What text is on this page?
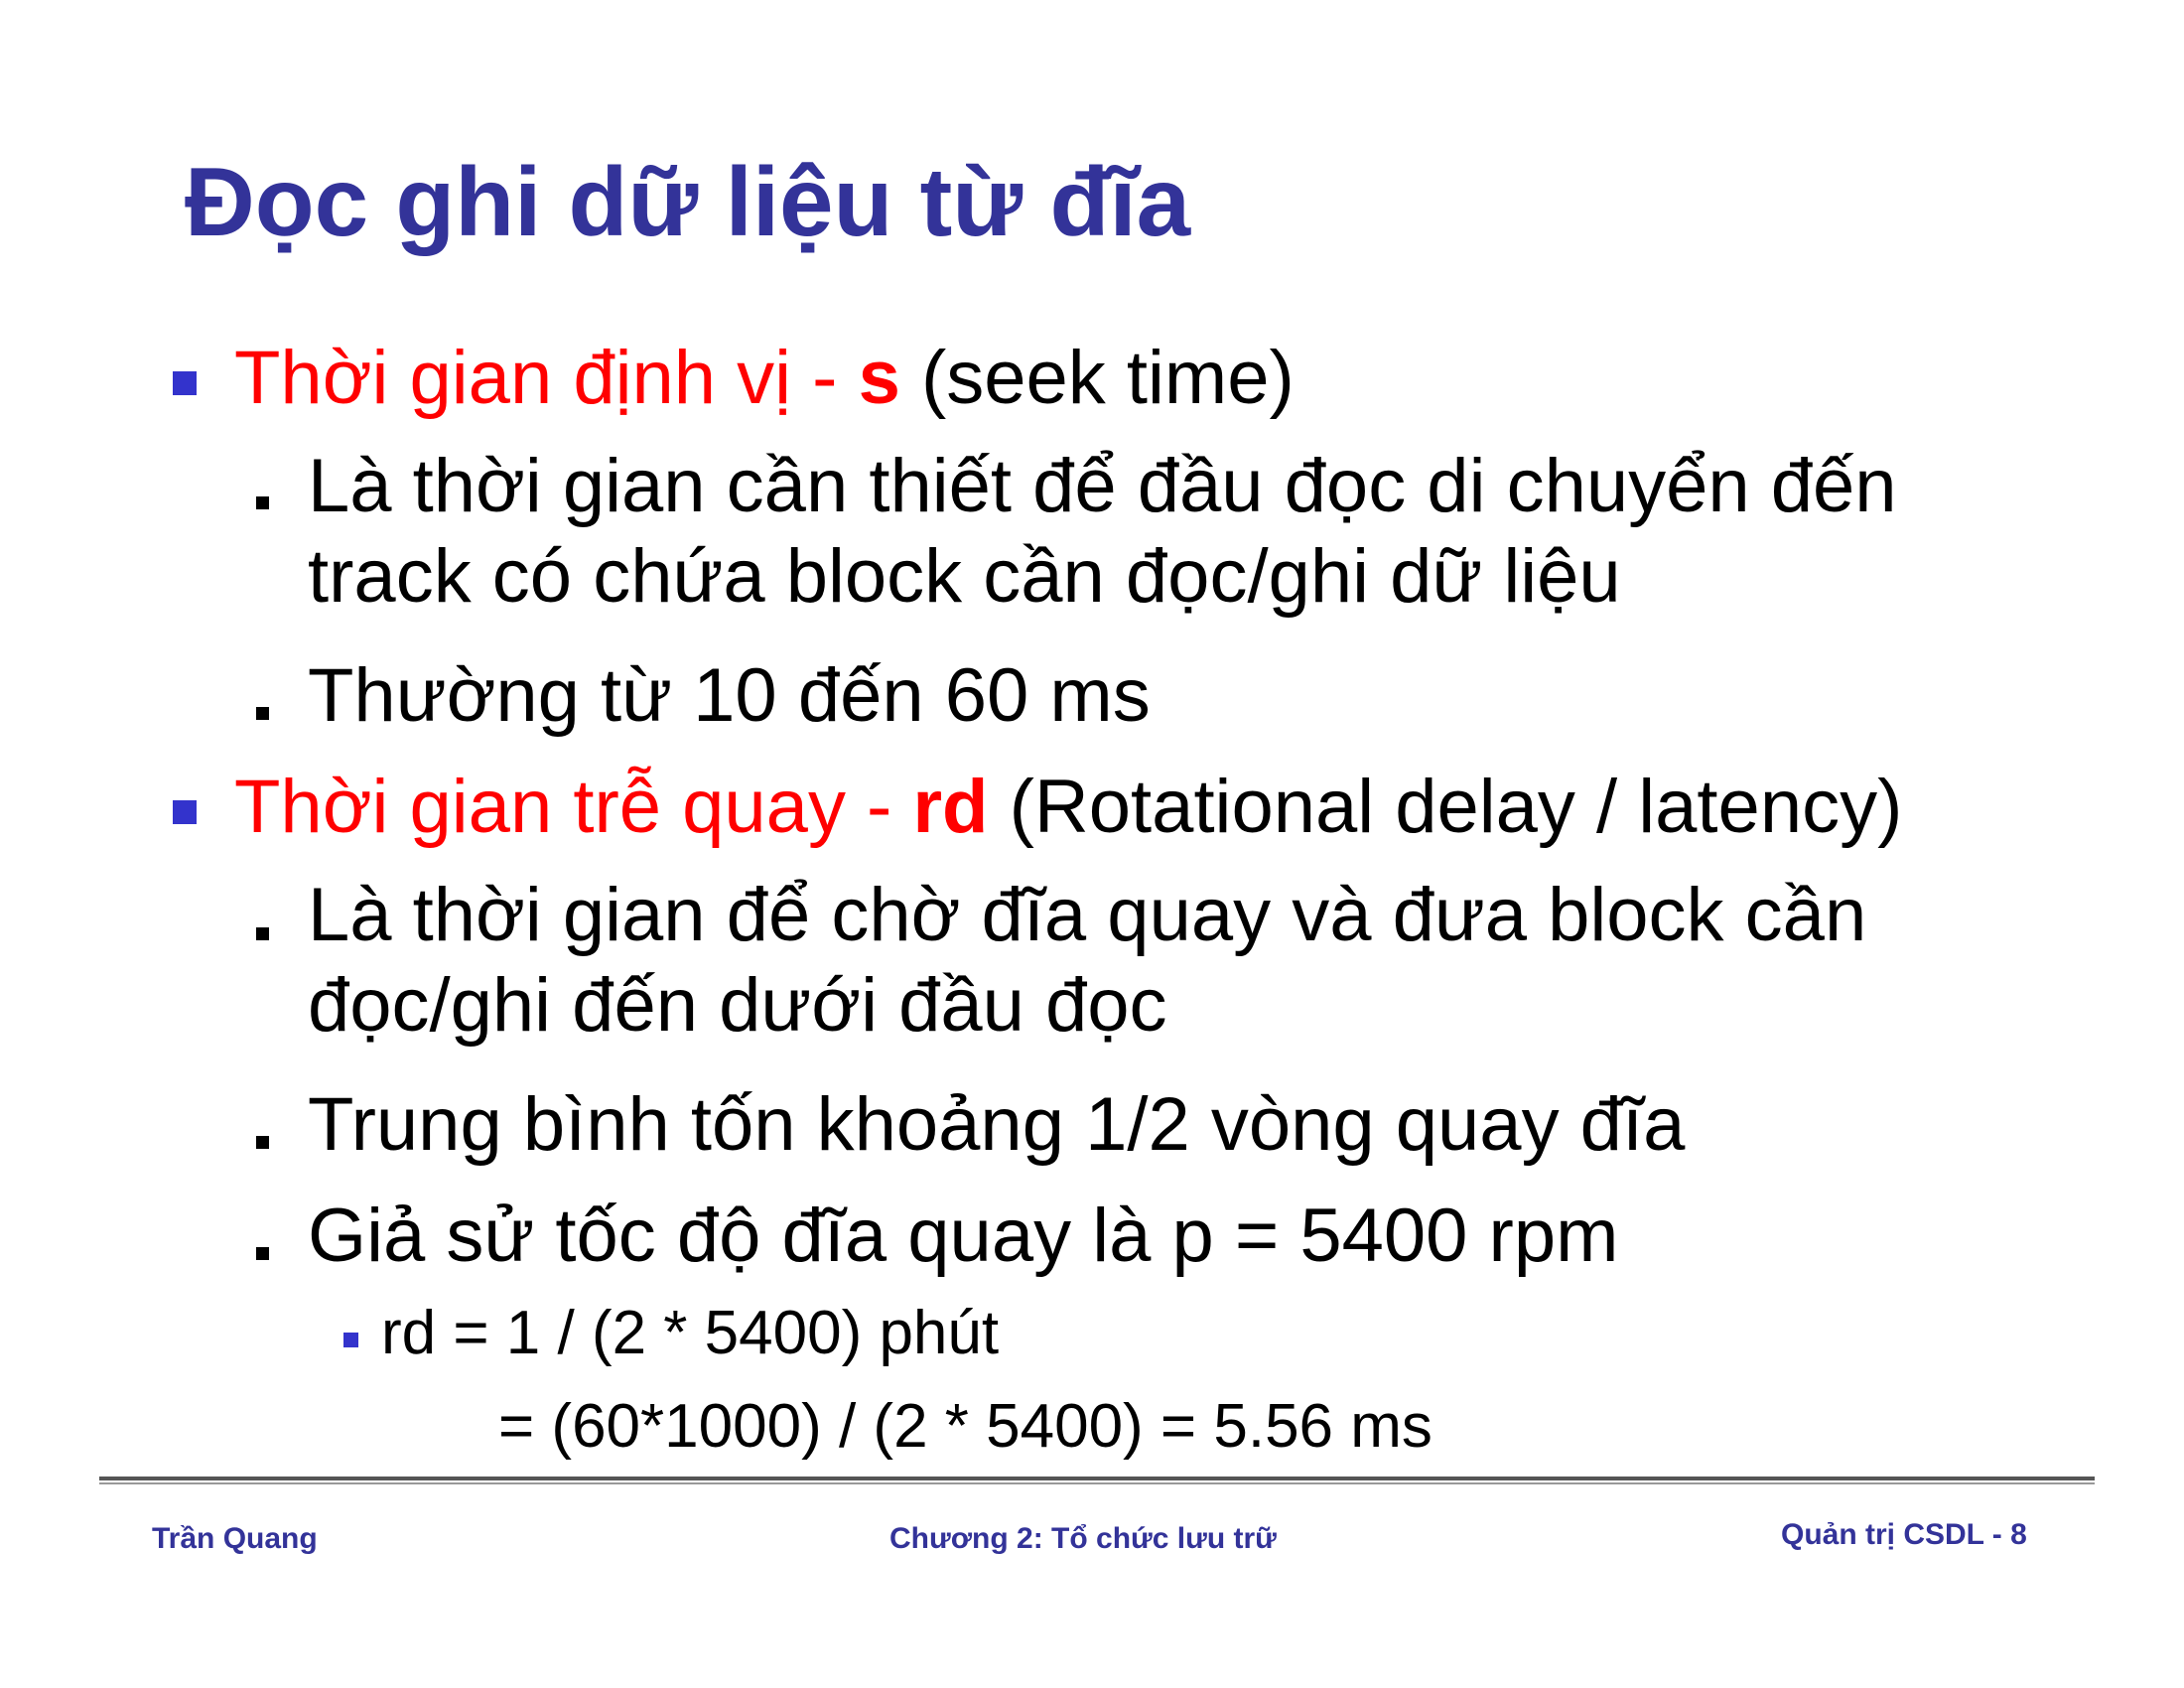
Đọc ghi dữ liệu từ đĩa
Thời gian định vị - s (seek time)
Là thời gian cần thiết để đầu đọc di chuyển đến
track có chứa block cần đọc/ghi dữ liệu
Thường từ 10 đến 60 ms
Thời gian trễ quay - rd (Rotational delay / latency)
Là thời gian để chờ đĩa quay và đưa block cần
đọc/ghi đến dưới đầu đọc
Trung bình tốn khoảng 1/2 vòng quay đĩa
Giả sử tốc độ đĩa quay là p = 5400 rpm
rd = 1 / (2 * 5400) phút
= (60*1000) / (2 * 5400) = 5.56 ms
Trần Quang	Chương 2: Tổ chức lưu trữ	Quản trị CSDL - 8
